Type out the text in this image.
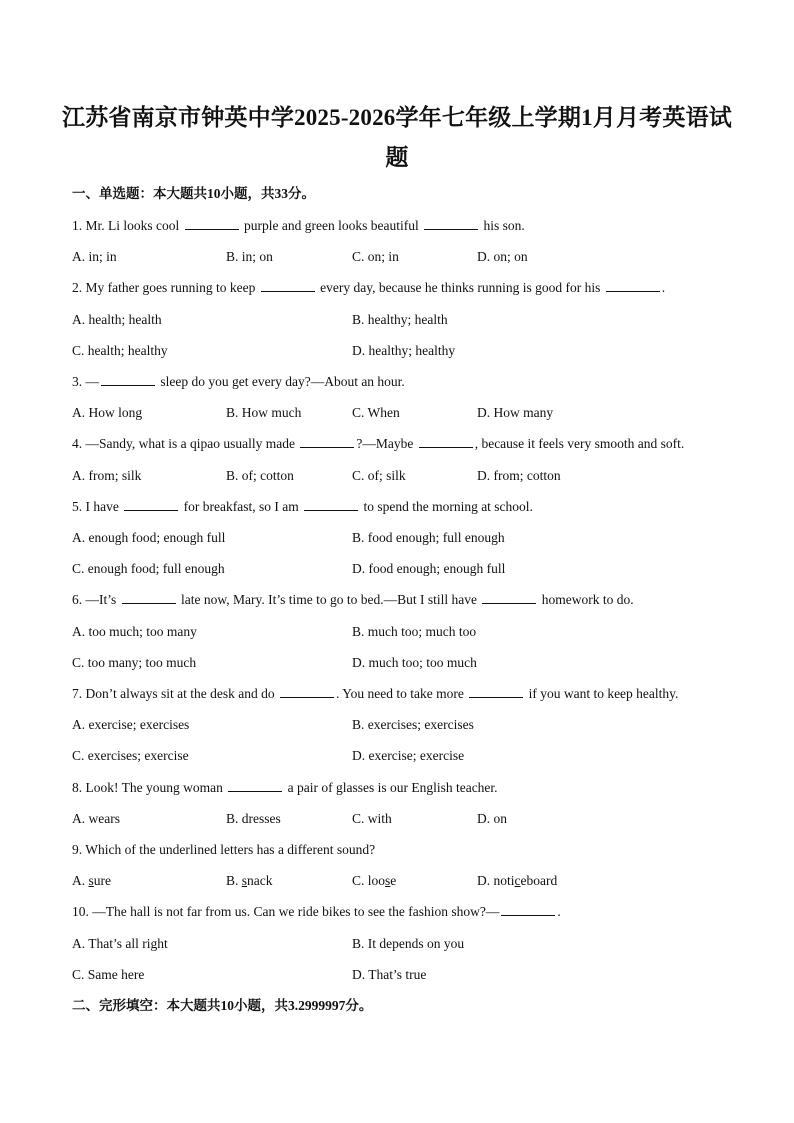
江苏省南京市钟英中学2025-2026学年七年级上学期1月月考英语试
题
一、单选题：本大题共10小题，共33分。
1. Mr. Li looks cool	purple and green looks beautiful	his son.
A. in; in	B. in; on	C. on; in	D. on; on
2. My father goes running to keep	every day, because he thinks running is good for his	.
A. health; health	B. healthy; health
C. health; healthy	D. healthy; healthy
3. —	sleep do you get every day?—About an hour.
A. How long	B. How much	C. When	D. How many
4. —Sandy, what is a qipao usually made	?—Maybe	, because it feels very smooth and soft.
A. from; silk	B. of; cotton	C. of; silk	D. from; cotton
5. I have	for breakfast, so I am	to spend the morning at school.
A. enough food; enough full	B. food enough; full enough
C. enough food; full enough	D. food enough; enough full
6. —It’s	late now, Mary. It’s time to go to bed.—But I still have	homework to do.
A. too much; too many	B. much too; much too
C. too many; too much	D. much too; too much
7. Don’t always sit at the desk and do	. You need to take more	if you want to keep healthy.
A. exercise; exercises	B. exercises; exercises
C. exercises; exercise	D. exercise; exercise
8. Look! The young woman	a pair of glasses is our English teacher.
A. wears	B. dresses	C. with	D. on
9. Which of the underlined letters has a different sound?
A. sure	B. snack	C. loose	D. noticeboard
10. —The hall is not far from us. Can we ride bikes to see the fashion show?—	.
A. That’s all right	B. It depends on you
C. Same here	D. That’s true
二、完形填空：本大题共10小题，共3.2999997分。
